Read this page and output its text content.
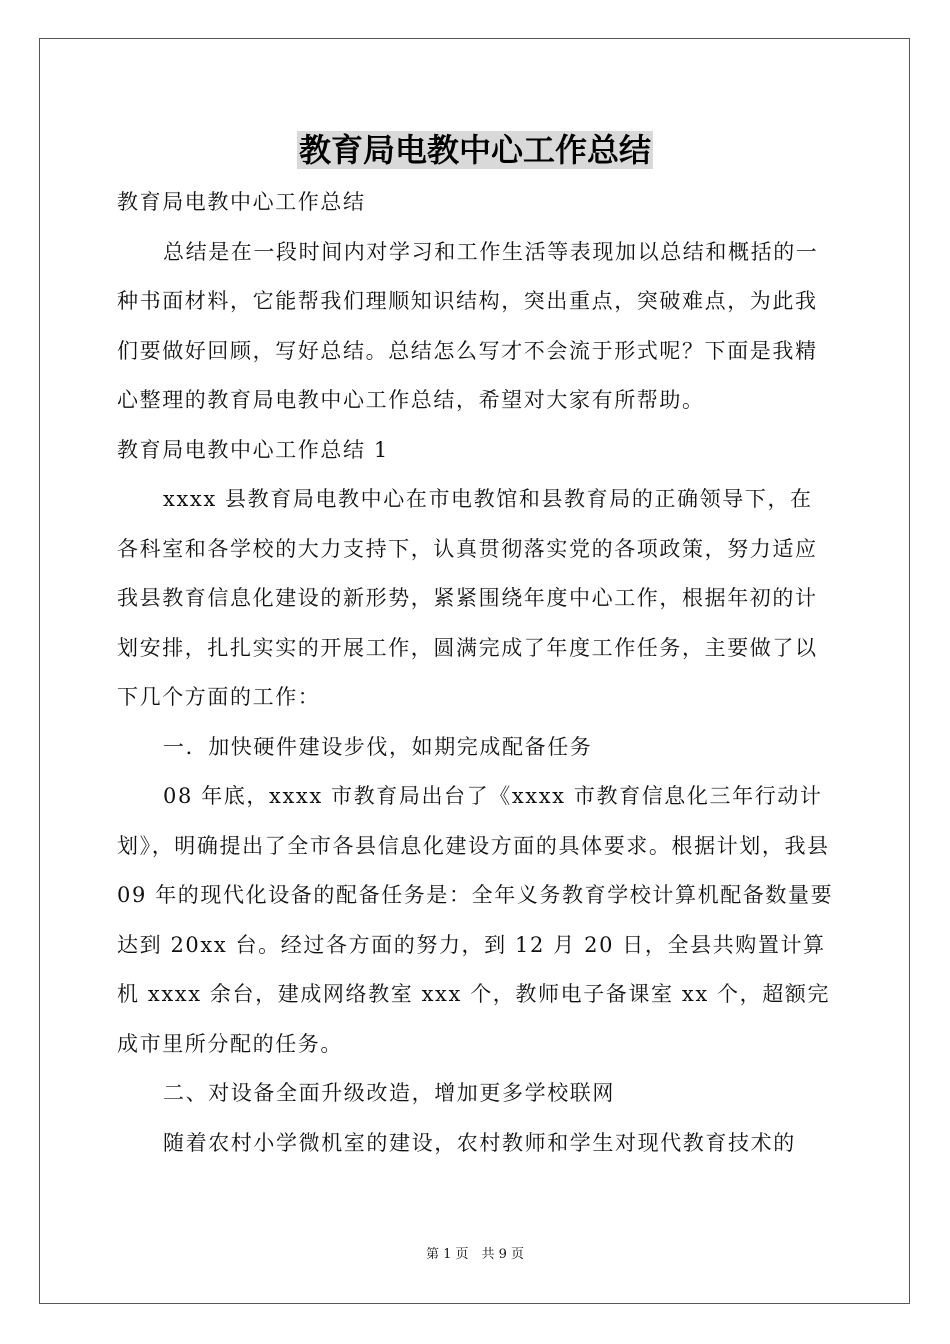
教育局电教中心工作总结

教育局电教中心工作总结

总结是在一段时间内对学习和工作生活等表现加以总结和概括的一种书面材料，它能帮我们理顺知识结构，突出重点，突破难点，为此我们要做好回顾，写好总结。总结怎么写才不会流于形式呢？下面是我精心整理的教育局电教中心工作总结，希望对大家有所帮助。

教育局电教中心工作总结 1

xxxx 县教育局电教中心在市电教馆和县教育局的正确领导下，在各科室和各学校的大力支持下，认真贯彻落实党的各项政策，努力适应我县教育信息化建设的新形势，紧紧围绕年度中心工作，根据年初的计划安排，扎扎实实的开展工作，圆满完成了年度工作任务，主要做了以下几个方面的工作：

一．加快硬件建设步伐，如期完成配备任务

08 年底，xxxx 市教育局出台了《xxxx 市教育信息化三年行动计划》，明确提出了全市各县信息化建设方面的具体要求。根据计划，我县 09 年的现代化设备的配备任务是：全年义务教育学校计算机配备数量要达到 20xx 台。经过各方面的努力，到 12 月 20 日，全县共购置计算机 xxxx 余台，建成网络教室 xxx 个，教师电子备课室 xx 个，超额完成市里所分配的任务。

二、对设备全面升级改造，增加更多学校联网

随着农村小学微机室的建设，农村教师和学生对现代教育技术的

第 1 页　共 9 页
